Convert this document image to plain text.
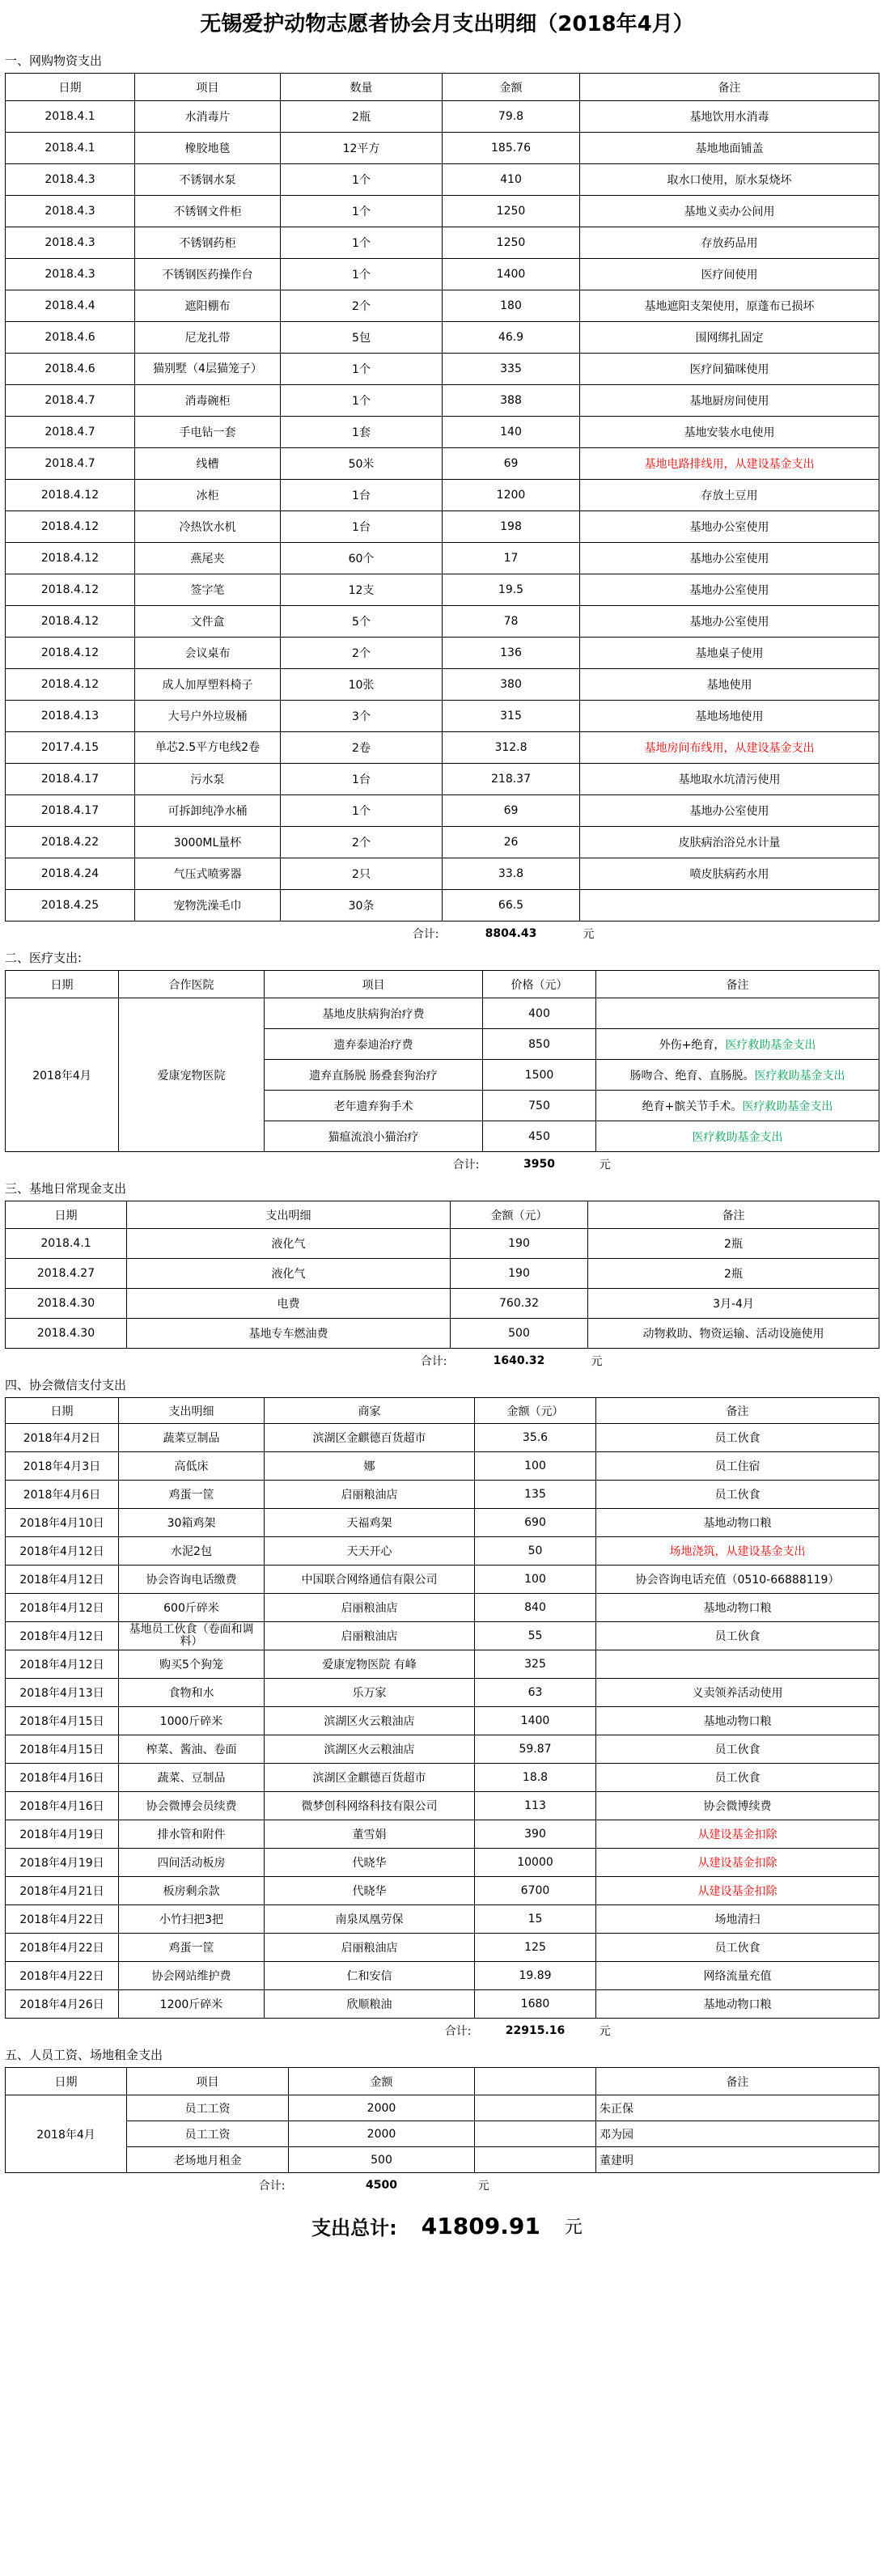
无锡爱护动物志愿者协会月支出明细（2018年4月）
一、网购物资支出
日期	项目	数量	金额	备注
2018.4.1	水消毒片	2瓶	79.8	基地饮用水消毒
2018.4.1	橡胶地毯	12平方	185.76	基地地面铺盖
2018.4.3	不锈钢水泵	1个	410	取水口使用，原水泵烧坏
2018.4.3	不锈钢文件柜	1个	1250	基地义卖办公间用
2018.4.3	不锈钢药柜	1个	1250	存放药品用
2018.4.3	不锈钢医药操作台	1个	1400	医疗间使用
2018.4.4	遮阳棚布	2个	180	基地遮阳支架使用，原蓬布已损坏
2018.4.6	尼龙扎带	5包	46.9	围网绑扎固定
2018.4.6	猫别墅（4层猫笼子）	1个	335	医疗间猫咪使用
2018.4.7	消毒碗柜	1个	388	基地厨房间使用
2018.4.7	手电钻一套	1套	140	基地安装水电使用
2018.4.7	线槽	50米	69	基地电路排线用，从建设基金支出
2018.4.12	冰柜	1台	1200	存放土豆用
2018.4.12	冷热饮水机	1台	198	基地办公室使用
2018.4.12	燕尾夹	60个	17	基地办公室使用
2018.4.12	签字笔	12支	19.5	基地办公室使用
2018.4.12	文件盒	5个	78	基地办公室使用
2018.4.12	会议桌布	2个	136	基地桌子使用
2018.4.12	成人加厚塑料椅子	10张	380	基地使用
2018.4.13	大号户外垃圾桶	3个	315	基地场地使用
2017.4.15	单芯2.5平方电线2卷	2卷	312.8	基地房间布线用，从建设基金支出
2018.4.17	污水泵	1台	218.37	基地取水坑清污使用
2018.4.17	可拆卸纯净水桶	1个	69	基地办公室使用
2018.4.22	3000ML量杯	2个	26	皮肤病治浴兑水计量
2018.4.24	气压式喷雾器	2只	33.8	喷皮肤病药水用
2018.4.25	宠物洗澡毛巾	30条	66.5	
合计:			8804.43	元
二、医疗支出:
日期	合作医院	项目	价格（元）	备注
2018年4月	爱康宠物医院	基地皮肤病狗治疗费	400	
		遗弃泰迪治疗费	850	外伤+绝育，医疗救助基金支出
		遗弃直肠脱 肠叠套狗治疗	1500	肠吻合、绝育、直肠脱。医疗救助基金支出
		老年遗弃狗手术	750	绝育+髌关节手术。医疗救助基金支出
		猫瘟流浪小猫治疗	450	医疗救助基金支出
合计:			3950	元
三、基地日常现金支出
日期	支出明细	金额（元）	备注
2018.4.1	液化气	190	2瓶
2018.4.27	液化气	190	2瓶
2018.4.30	电费	760.32	3月-4月
2018.4.30	基地专车燃油费	500	动物救助、物资运输、活动设施使用
合计:		1640.32	元
四、协会微信支付支出
日期	支出明细	商家	金额（元）	备注
2018年4月2日	蔬菜豆制品	滨湖区金麒德百货超市	35.6	员工伙食
2018年4月3日	高低床	娜	100	员工住宿
2018年4月6日	鸡蛋一筐	启丽粮油店	135	员工伙食
2018年4月10日	30箱鸡架	天福鸡架	690	基地动物口粮
2018年4月12日	水泥2包	天天开心	50	场地浇筑，从建设基金支出
2018年4月12日	协会咨询电话缴费	中国联合网络通信有限公司	100	协会咨询电话充值（0510-66888119）
2018年4月12日	600斤碎米	启丽粮油店	840	基地动物口粮
2018年4月12日	基地员工伙食（卷面和调料）	启丽粮油店	55	员工伙食
2018年4月12日	购买5个狗笼	爱康宠物医院 有峰	325	
2018年4月13日	食物和水	乐万家	63	义卖领养活动使用
2018年4月15日	1000斤碎米	滨湖区火云粮油店	1400	基地动物口粮
2018年4月15日	榨菜、酱油、卷面	滨湖区火云粮油店	59.87	员工伙食
2018年4月16日	蔬菜、豆制品	滨湖区金麒德百货超市	18.8	员工伙食
2018年4月16日	协会微博会员续费	微梦创科网络科技有限公司	113	协会微博续费
2018年4月19日	排水管和附件	董雪娟	390	从建设基金扣除
2018年4月19日	四间活动板房	代晓华	10000	从建设基金扣除
2018年4月21日	板房剩余款	代晓华	6700	从建设基金扣除
2018年4月22日	小竹扫把3把	南泉凤凰劳保	15	场地清扫
2018年4月22日	鸡蛋一筐	启丽粮油店	125	员工伙食
2018年4月22日	协会网站维护费	仁和安信	19.89	网络流量充值
2018年4月26日	1200斤碎米	欣顺粮油	1680	基地动物口粮
合计:			22915.16	元
五、人员工资、场地租金支出
日期	项目	金额		备注
2018年4月	员工工资	2000		朱正保
	员工工资	2000		邓为园
	老场地月租金	500		董建明
合计:		4500	元	
支出总计: 41809.91 元
